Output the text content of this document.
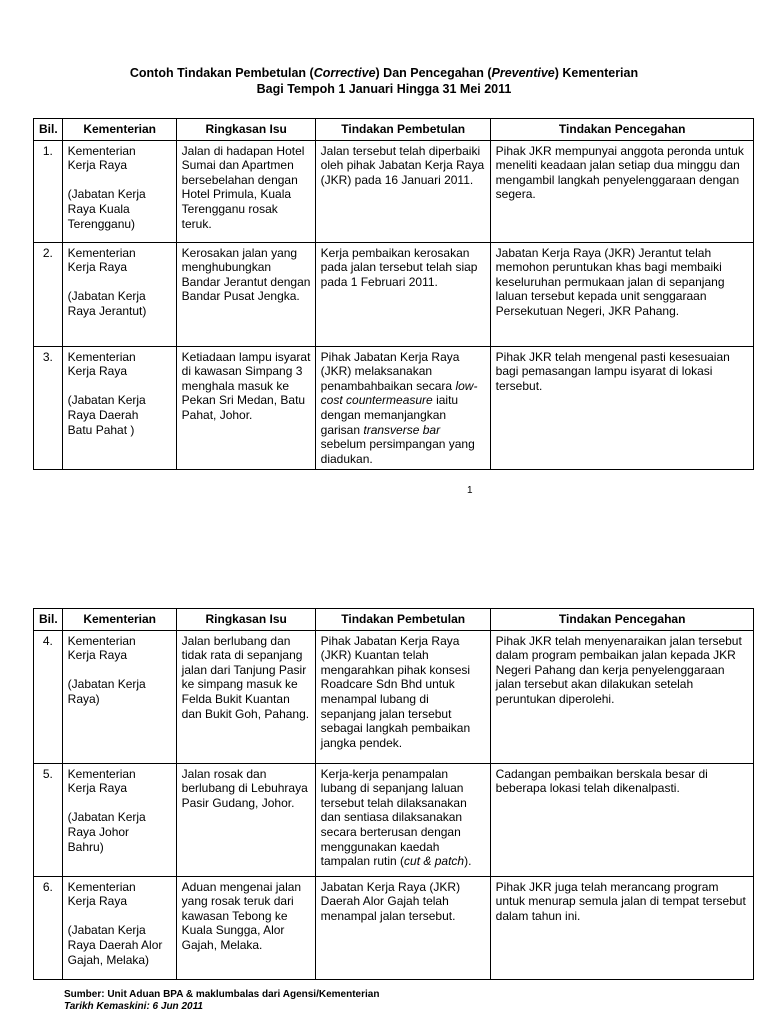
Contoh Tindakan Pembetulan (Corrective) Dan Pencegahan (Preventive) Kementerian
Bagi Tempoh 1 Januari Hingga 31 Mei 2011
Bil.	Kementerian	Ringkasan Isu	Tindakan Pembetulan	Tindakan Pencegahan
1.	Kementerian
Kerja Raya
(Jabatan Kerja
Raya Kuala
Terengganu)	Jalan di hadapan Hotel Sumai dan Apartmen bersebelahan dengan Hotel Primula, Kuala Terengganu rosak teruk.	Jalan tersebut telah diperbaiki oleh pihak Jabatan Kerja Raya (JKR) pada 16 Januari 2011.	Pihak JKR mempunyai anggota peronda untuk meneliti keadaan jalan setiap dua minggu dan mengambil langkah penyelenggaraan dengan segera.
2.	Kementerian
Kerja Raya
(Jabatan Kerja
Raya Jerantut)	Kerosakan jalan yang menghubungkan Bandar Jerantut dengan Bandar Pusat Jengka.	Kerja pembaikan kerosakan pada jalan tersebut telah siap pada 1 Februari 2011.	Jabatan Kerja Raya (JKR) Jerantut telah memohon peruntukan khas bagi membaiki keseluruhan permukaan jalan di sepanjang laluan tersebut kepada unit senggaraan Persekutuan Negeri, JKR Pahang.
3.	Kementerian
Kerja Raya
(Jabatan Kerja
Raya Daerah
Batu Pahat )	Ketiadaan lampu isyarat di kawasan Simpang 3 menghala masuk ke Pekan Sri Medan, Batu Pahat, Johor.	Pihak Jabatan Kerja Raya (JKR) melaksanakan penambahbaikan secara low-cost countermeasure iaitu dengan memanjangkan garisan transverse bar sebelum persimpangan yang diadukan.	Pihak JKR telah mengenal pasti kesesuaian bagi pemasangan lampu isyarat di lokasi tersebut.
1
Bil.	Kementerian	Ringkasan Isu	Tindakan Pembetulan	Tindakan Pencegahan
4.	Kementerian
Kerja Raya
(Jabatan Kerja
Raya)	Jalan berlubang dan tidak rata di sepanjang jalan dari Tanjung Pasir ke simpang masuk ke Felda Bukit Kuantan dan Bukit Goh, Pahang.	Pihak Jabatan Kerja Raya (JKR) Kuantan telah mengarahkan pihak konsesi Roadcare Sdn Bhd untuk menampal lubang di sepanjang jalan tersebut sebagai langkah pembaikan jangka pendek.	Pihak JKR telah menyenaraikan jalan tersebut dalam program pembaikan jalan kepada JKR Negeri Pahang dan kerja penyelenggaraan jalan tersebut akan dilakukan setelah peruntukan diperolehi.
5.	Kementerian
Kerja Raya
(Jabatan Kerja
Raya Johor
Bahru)	Jalan rosak dan berlubang di Lebuhraya Pasir Gudang, Johor.	Kerja-kerja penampalan lubang di sepanjang laluan tersebut telah dilaksanakan dan sentiasa dilaksanakan secara berterusan dengan menggunakan kaedah tampalan rutin (cut & patch).	Cadangan pembaikan berskala besar di beberapa lokasi telah dikenalpasti.
6.	Kementerian
Kerja Raya
(Jabatan Kerja
Raya Daerah Alor
Gajah, Melaka)	Aduan mengenai jalan yang rosak teruk dari kawasan Tebong ke Kuala Sungga, Alor Gajah, Melaka.	Jabatan Kerja Raya (JKR) Daerah Alor Gajah telah menampal jalan tersebut.	Pihak JKR juga telah merancang program untuk menurap semula jalan di tempat tersebut dalam tahun ini.
Sumber: Unit Aduan BPA & maklumbalas dari Agensi/Kementerian
Tarikh Kemaskini: 6 Jun 2011
